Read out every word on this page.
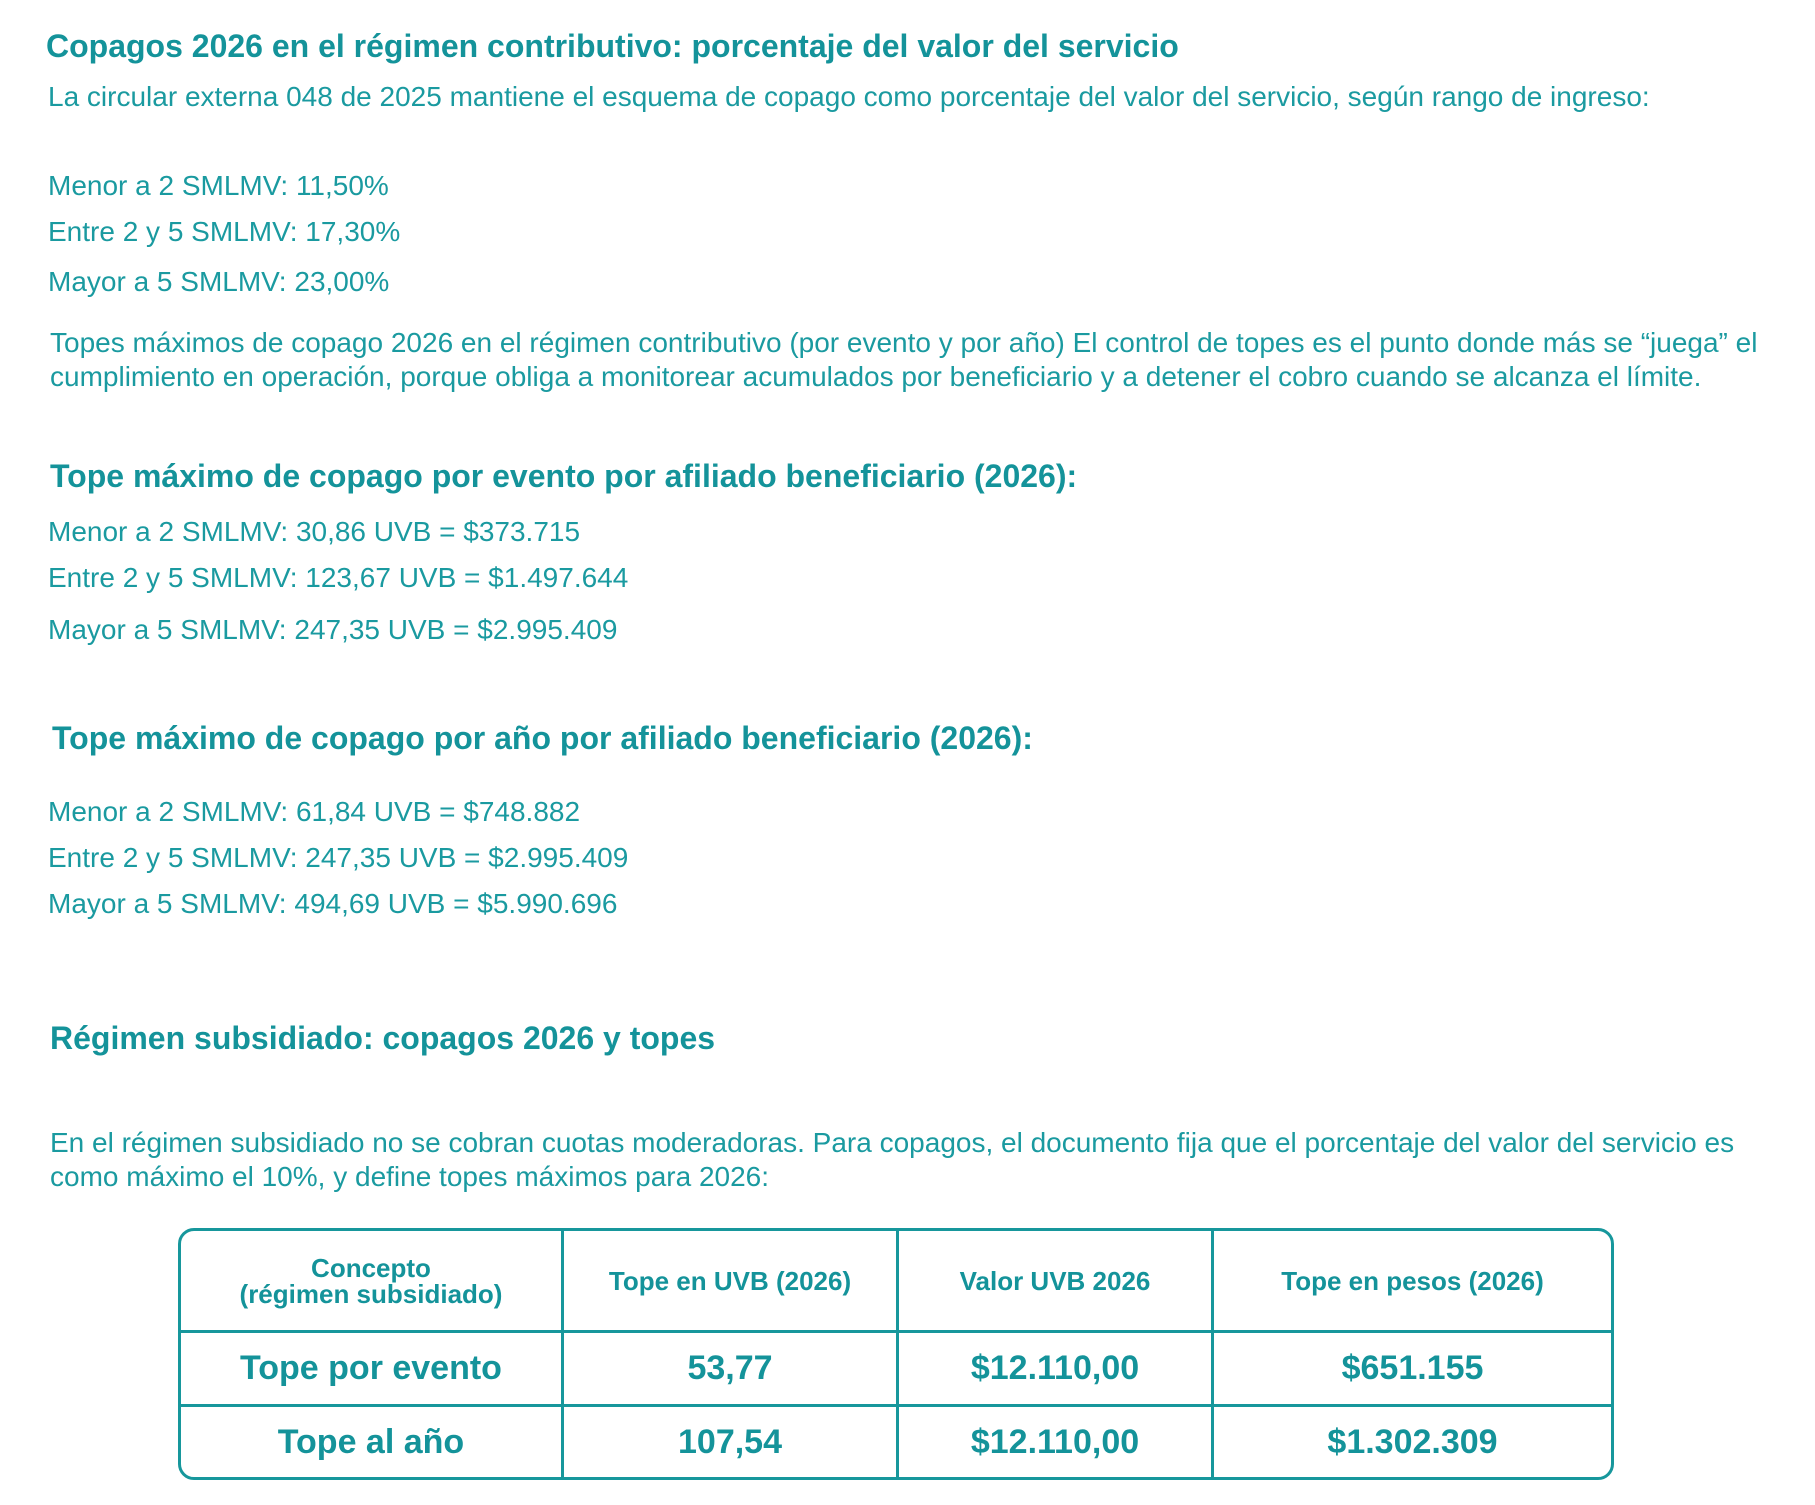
Copagos 2026 en el régimen contributivo: porcentaje del valor del servicio
La circular externa 048 de 2025 mantiene el esquema de copago como porcentaje del valor del servicio, según rango de ingreso:
Menor a 2 SMLMV: 11,50%
Entre 2 y 5 SMLMV: 17,30%
Mayor a 5 SMLMV: 23,00%
Topes máximos de copago 2026 en el régimen contributivo (por evento y por año) El control de topes es el punto donde más se “juega” el cumplimiento en operación, porque obliga a monitorear acumulados por beneficiario y a detener el cobro cuando se alcanza el límite.
Tope máximo de copago por evento por afiliado beneficiario (2026):
Menor a 2 SMLMV: 30,86 UVB = $373.715
Entre 2 y 5 SMLMV: 123,67 UVB = $1.497.644
Mayor a 5 SMLMV: 247,35 UVB = $2.995.409
Tope máximo de copago por año por afiliado beneficiario (2026):
Menor a 2 SMLMV: 61,84 UVB = $748.882
Entre 2 y 5 SMLMV: 247,35 UVB = $2.995.409
Mayor a 5 SMLMV: 494,69 UVB = $5.990.696
Régimen subsidiado: copagos 2026 y topes
En el régimen subsidiado no se cobran cuotas moderadoras. Para copagos, el documento fija que el porcentaje del valor del servicio es como máximo el 10%, y define topes máximos para 2026:
Concepto
(régimen subsidiado)	Tope en UVB (2026)	Valor UVB 2026	Tope en pesos (2026)
Tope por evento	53,77	$12.110,00	$651.155
Tope al año	107,54	$12.110,00	$1.302.309
